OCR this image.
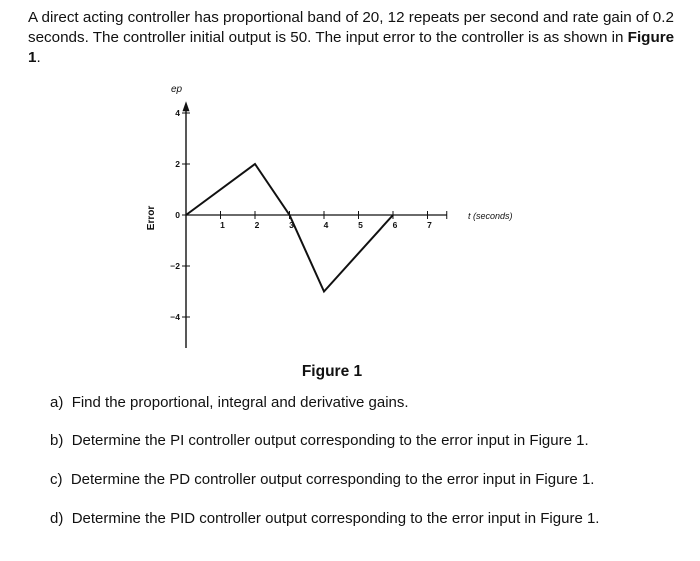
A direct acting controller has proportional band of 20, 12 repeats per second and rate gain of 0.2 seconds. The controller initial output is 50. The input error to the controller is as shown in Figure 1.

1	2	3	4	5	6	7
4
2
0
−2
−4
ep
Error	t (seconds)
Figure 1
a) Find the proportional, integral and derivative gains.
b) Determine the PI controller output corresponding to the error input in Figure 1.
c) Determine the PD controller output corresponding to the error input in Figure 1.
d) Determine the PID controller output corresponding to the error input in Figure 1.
